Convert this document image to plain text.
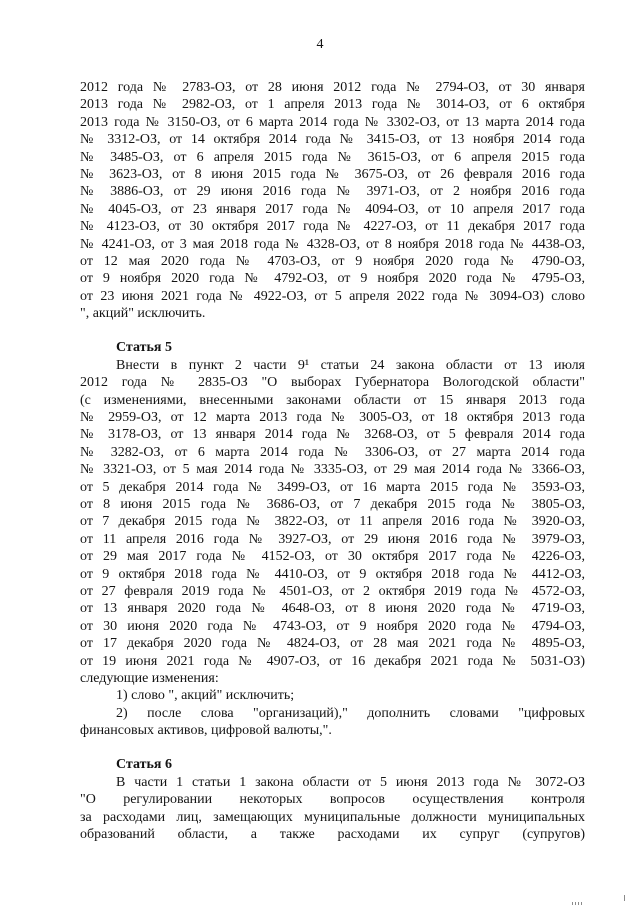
4
2012 года № 2783-ОЗ, от 28 июня 2012 года № 2794-ОЗ, от 30 января
2013 года № 2982-ОЗ, от 1 апреля 2013 года № 3014-ОЗ, от 6 октября
2013 года № 3150-ОЗ, от 6 марта 2014 года № 3302-ОЗ, от 13 марта 2014 года
№ 3312-ОЗ, от 14 октября 2014 года № 3415-ОЗ, от 13 ноября 2014 года
№ 3485-ОЗ, от 6 апреля 2015 года № 3615-ОЗ, от 6 апреля 2015 года
№ 3623-ОЗ, от 8 июня 2015 года № 3675-ОЗ, от 26 февраля 2016 года
№ 3886-ОЗ, от 29 июня 2016 года № 3971-ОЗ, от 2 ноября 2016 года
№ 4045-ОЗ, от 23 января 2017 года № 4094-ОЗ, от 10 апреля 2017 года
№ 4123-ОЗ, от 30 октября 2017 года № 4227-ОЗ, от 11 декабря 2017 года
№ 4241-ОЗ, от 3 мая 2018 года № 4328-ОЗ, от 8 ноября 2018 года № 4438-ОЗ,
от 12 мая 2020 года № 4703-ОЗ, от 9 ноября 2020 года № 4790-ОЗ,
от 9 ноября 2020 года № 4792-ОЗ, от 9 ноября 2020 года № 4795-ОЗ,
от 23 июня 2021 года № 4922-ОЗ, от 5 апреля 2022 года № 3094-ОЗ) слово
", акций" исключить.
Статья 5
Внести в пункт 2 части 9¹ статьи 24 закона области от 13 июля
2012 года № 2835-ОЗ "О выборах Губернатора Вологодской области"
(с изменениями, внесенными законами области от 15 января 2013 года
№ 2959-ОЗ, от 12 марта 2013 года № 3005-ОЗ, от 18 октября 2013 года
№ 3178-ОЗ, от 13 января 2014 года № 3268-ОЗ, от 5 февраля 2014 года
№ 3282-ОЗ, от 6 марта 2014 года № 3306-ОЗ, от 27 марта 2014 года
№ 3321-ОЗ, от 5 мая 2014 года № 3335-ОЗ, от 29 мая 2014 года № 3366-ОЗ,
от 5 декабря 2014 года № 3499-ОЗ, от 16 марта 2015 года № 3593-ОЗ,
от 8 июня 2015 года № 3686-ОЗ, от 7 декабря 2015 года № 3805-ОЗ,
от 7 декабря 2015 года № 3822-ОЗ, от 11 апреля 2016 года № 3920-ОЗ,
от 11 апреля 2016 года № 3927-ОЗ, от 29 июня 2016 года № 3979-ОЗ,
от 29 мая 2017 года № 4152-ОЗ, от 30 октября 2017 года № 4226-ОЗ,
от 9 октября 2018 года № 4410-ОЗ, от 9 октября 2018 года № 4412-ОЗ,
от 27 февраля 2019 года № 4501-ОЗ, от 2 октября 2019 года № 4572-ОЗ,
от 13 января 2020 года № 4648-ОЗ, от 8 июня 2020 года № 4719-ОЗ,
от 30 июня 2020 года № 4743-ОЗ, от 9 ноября 2020 года № 4794-ОЗ,
от 17 декабря 2020 года № 4824-ОЗ, от 28 мая 2021 года № 4895-ОЗ,
от 19 июня 2021 года № 4907-ОЗ, от 16 декабря 2021 года № 5031-ОЗ)
следующие изменения:
1) слово ", акций" исключить;
2) после слова "организаций)," дополнить словами "цифровых
финансовых активов, цифровой валюты,".
Статья 6
В части 1 статьи 1 закона области от 5 июня 2013 года № 3072-ОЗ
"О регулировании некоторых вопросов осуществления контроля
за расходами лиц, замещающих муниципальные должности муниципальных
образований области, а также расходами их супруг (супругов)
